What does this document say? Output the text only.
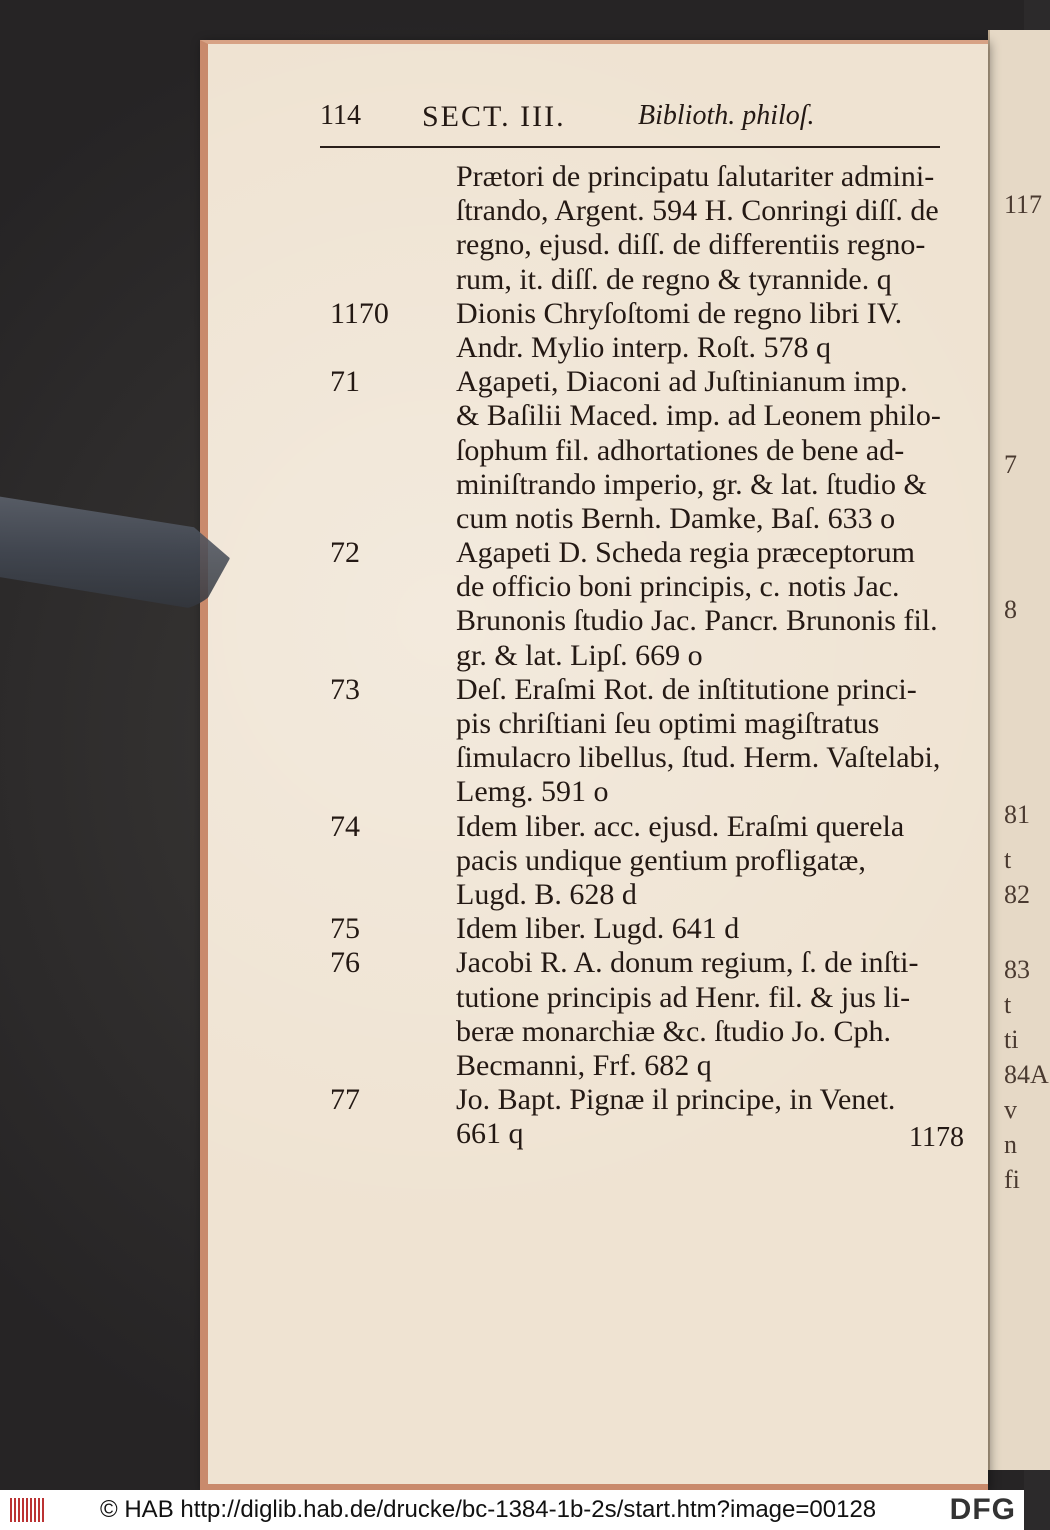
117
7
8
81
t
82
83
t
ti
84A
v
n
fi
114 SECT. III.	Biblioth. philoſ.
Prætori de principatu ſalutariter admini-
ſtrando, Argent. 594 H. Conringi diſſ. de
regno, ejusd. diſſ. de differentiis regno-
rum, it. diſſ. de regno & tyrannide. q
1170 Dionis Chryſoſtomi de regno libri IV.
Andr. Mylio interp. Roſt. 578 q
71	Agapeti, Diaconi ad Juſtinianum imp.
& Baſilii Maced. imp. ad Leonem philo-
ſophum fil. adhortationes de bene ad-
miniſtrando imperio, gr. & lat. ſtudio &
cum notis Bernh. Damke, Baſ. 633 o
72	Agapeti D. Scheda regia præceptorum
de officio boni principis, c. notis Jac.
Brunonis ſtudio Jac. Pancr. Brunonis fil.
gr. & lat. Lipſ. 669 o
73	Deſ. Eraſmi Rot. de inſtitutione princi-
pis chriſtiani ſeu optimi magiſtratus
ſimulacro libellus, ſtud. Herm. Vaſtelabi,
Lemg. 591 o
74	Idem liber. acc. ejusd. Eraſmi querela
pacis undique gentium profligatæ,
Lugd. B. 628 d
75	Idem liber. Lugd. 641 d
76	Jacobi R. A. donum regium, ſ. de inſti-
tutione principis ad Henr. fil. & jus li-
beræ monarchiæ &c. ſtudio Jo. Cph.
Becmanni, Frf. 682 q
77	Jo. Bapt. Pignæ il principe, in Venet.
661 q	1178
© HAB http://diglib.hab.de/drucke/bc-1384-1b-2s/start.htm?image=00128 DFG
